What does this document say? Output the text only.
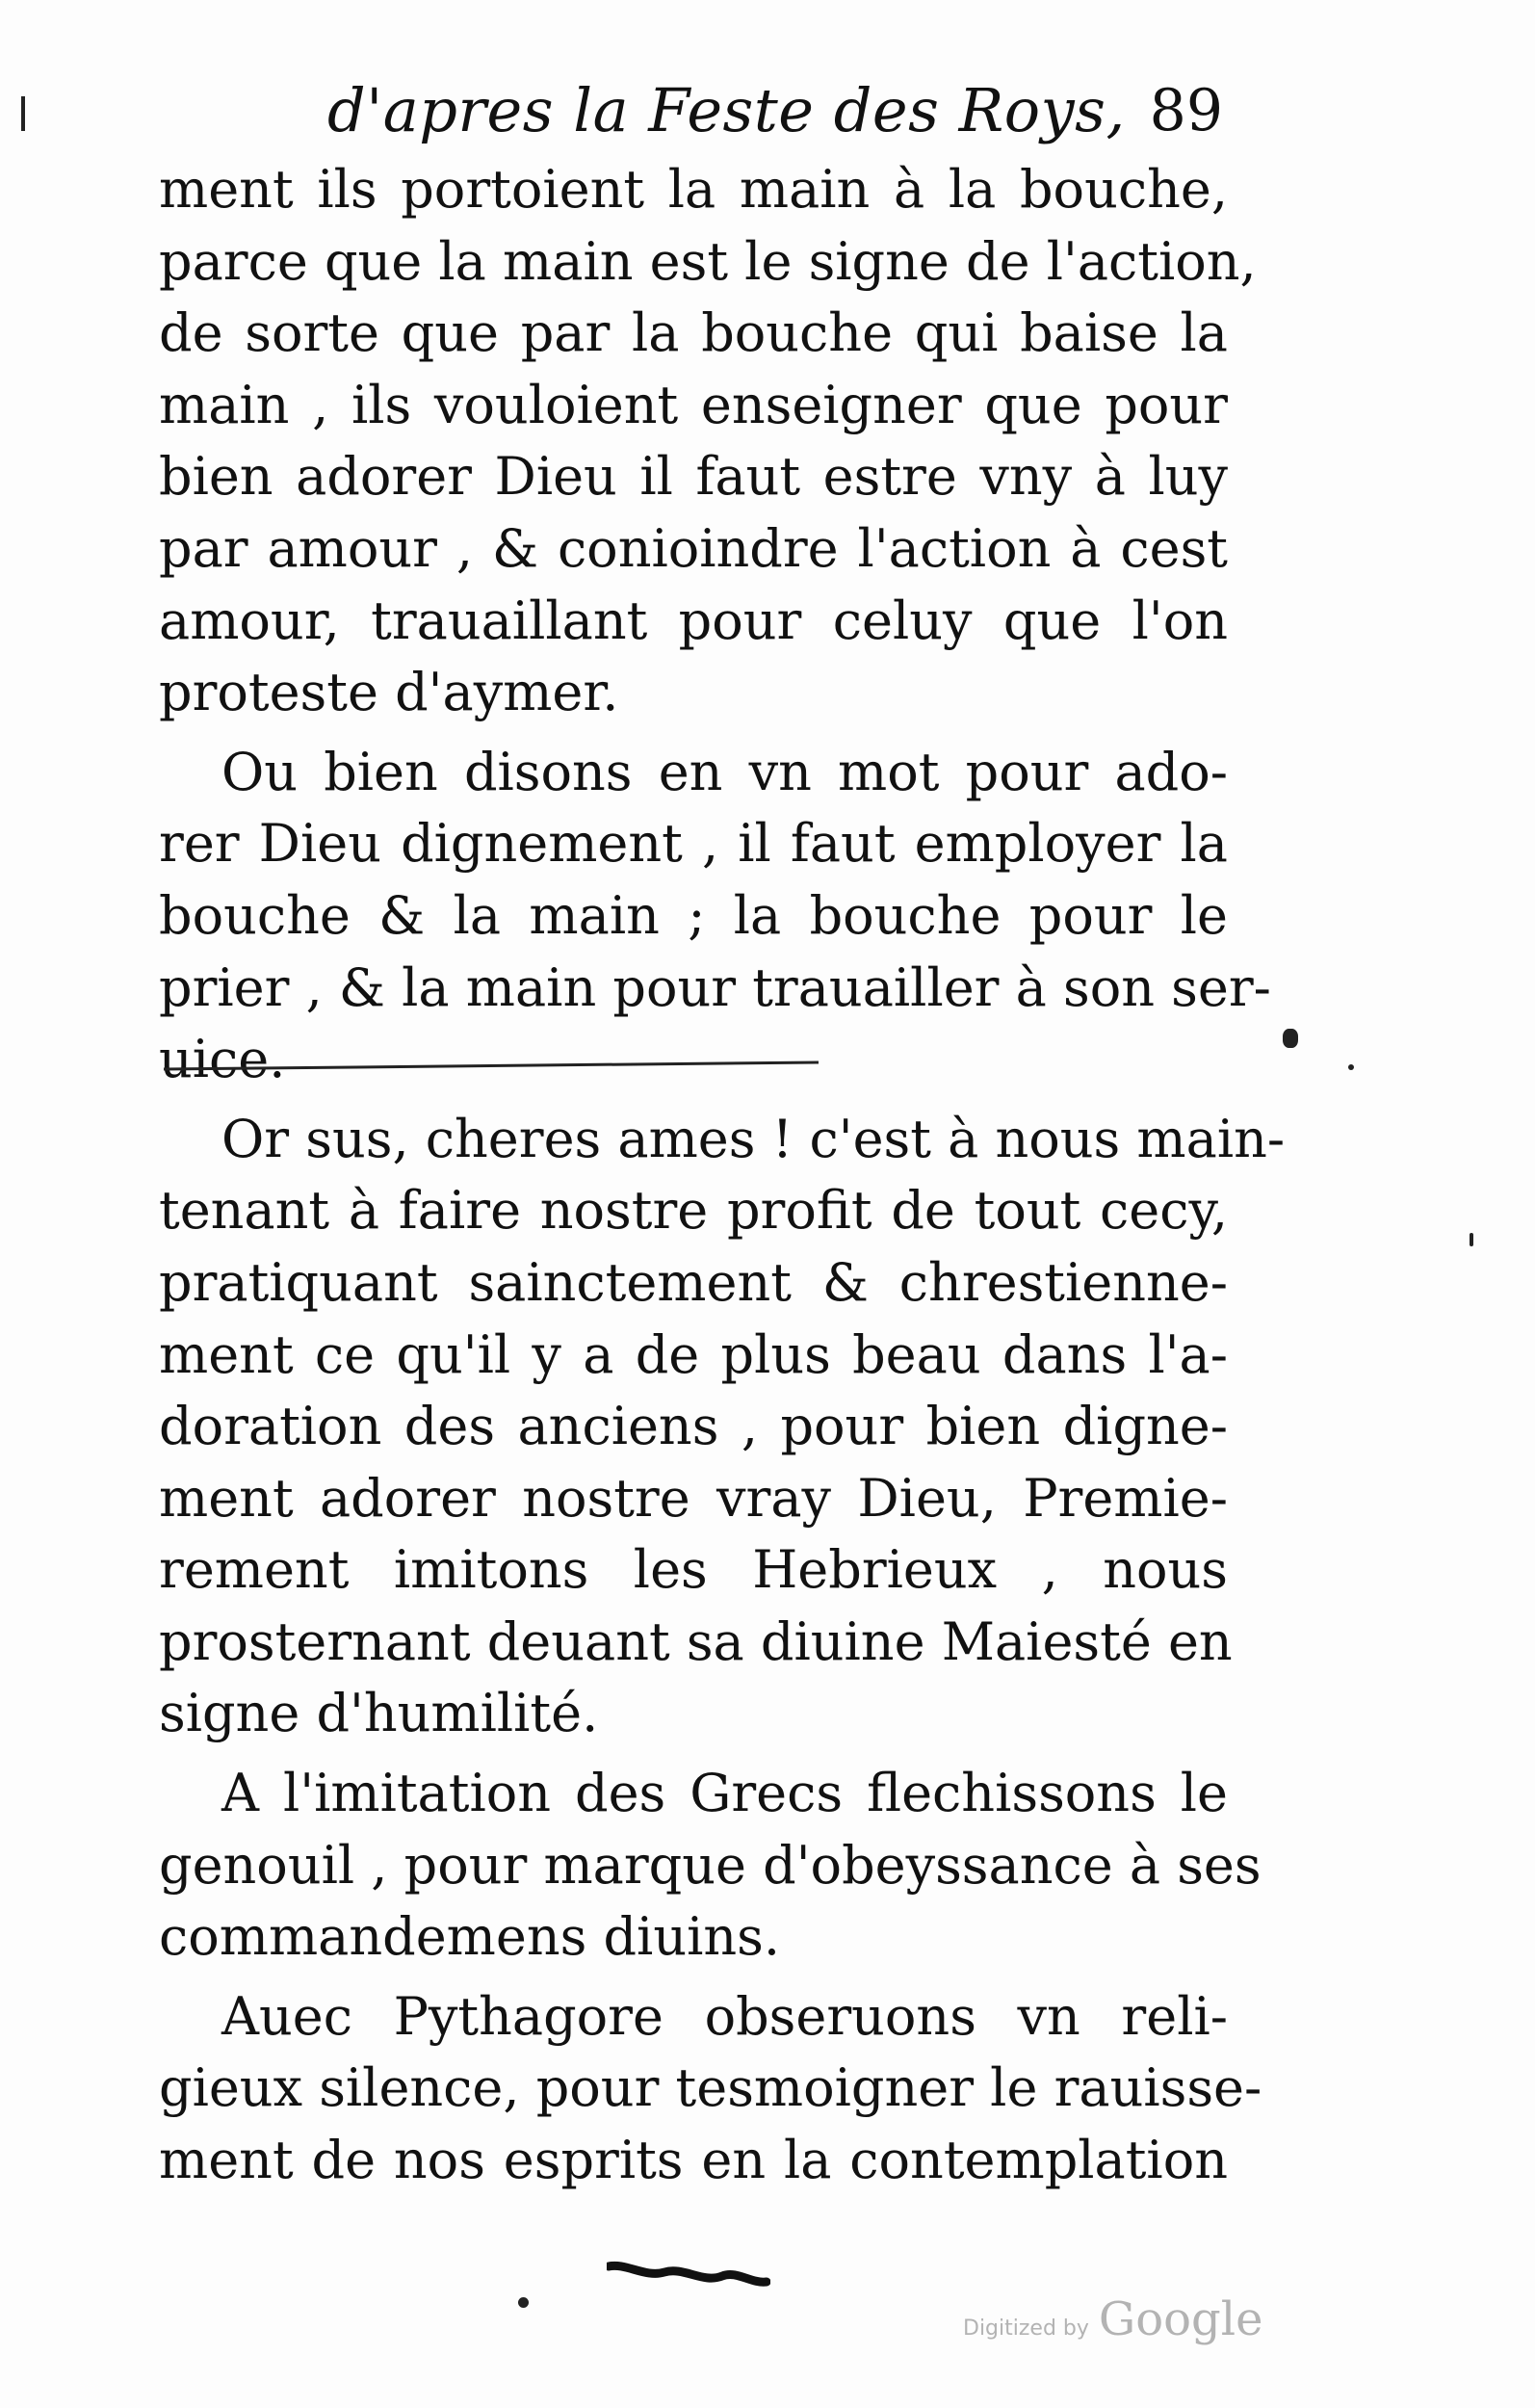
d'apres la Feste des Roys, 89
ment ils portoient la main à la bouche,
parce que la main est le signe de l'action,
de sorte que par la bouche qui baise la
main , ils vouloient enseigner que pour
bien adorer Dieu il faut estre vny à luy
par amour , & conioindre l'action à cest
amour, trauaillant pour celuy que l'on
proteste d'aymer.
Ou bien disons en vn mot pour ado-
rer Dieu dignement , il faut employer la
bouche & la main ; la bouche pour le
prier , & la main pour trauailler à son ser-
uice.
Or sus, cheres ames ! c'est à nous main-
tenant à faire nostre profit de tout cecy,
pratiquant sainctement & chrestienne-
ment ce qu'il y a de plus beau dans l'a-
doration des anciens , pour bien digne-
ment adorer nostre vray Dieu, Premie-
rement imitons les Hebrieux , nous
prosternant deuant sa diuine Maiesté en
signe d'humilité.
A l'imitation des Grecs flechissons le
genouil , pour marque d'obeyssance à ses
commandemens diuins.
Auec Pythagore obseruons vn reli-
gieux silence, pour tesmoigner le rauisse-
ment de nos esprits en la contemplation
Digitized by Google
